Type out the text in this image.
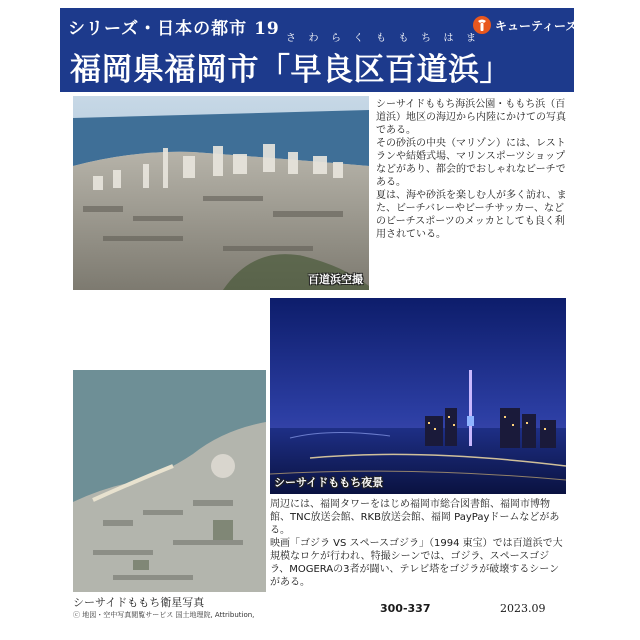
シリーズ・日本の都市 19 さ わ ら く も も ち は ま
キューティーズ
福岡県福岡市「早良区百道浜」
百道浜空撮

シーサイドももち海浜公園・ももち浜（百道浜）地区の海辺から内陸にかけての写真である。

その砂浜の中央（マリゾン）には、レストランや結婚式場、マリンスポーツショップなどがあり、都会的でおしゃれなビーチである。

夏は、海や砂浜を楽しむ人が多く訪れ、また、ビーチバレーやビーチサッカー、などのビーチスポーツのメッカとしても良く利用されている。

シーサイドももち夜景

周辺には、福岡タワーをはじめ福岡市総合図書館、福岡市博物館、TNC放送会館、RKB放送会館、福岡 PayPayドームなどがある。

映画「ゴジラ VS スペースゴジラ」（1994 東宝）では百道浜で大規模なロケが行われ、特撮シーンでは、ゴジラ、スペースゴジラ、MOGERAの3者が闘い、テレビ塔をゴジラが破壊するシーンがある。

シーサイドももち衛星写真
ⓒ 地図・空中写真閲覧サービス 国土地理院, Attribution,	300-337	2023.09
